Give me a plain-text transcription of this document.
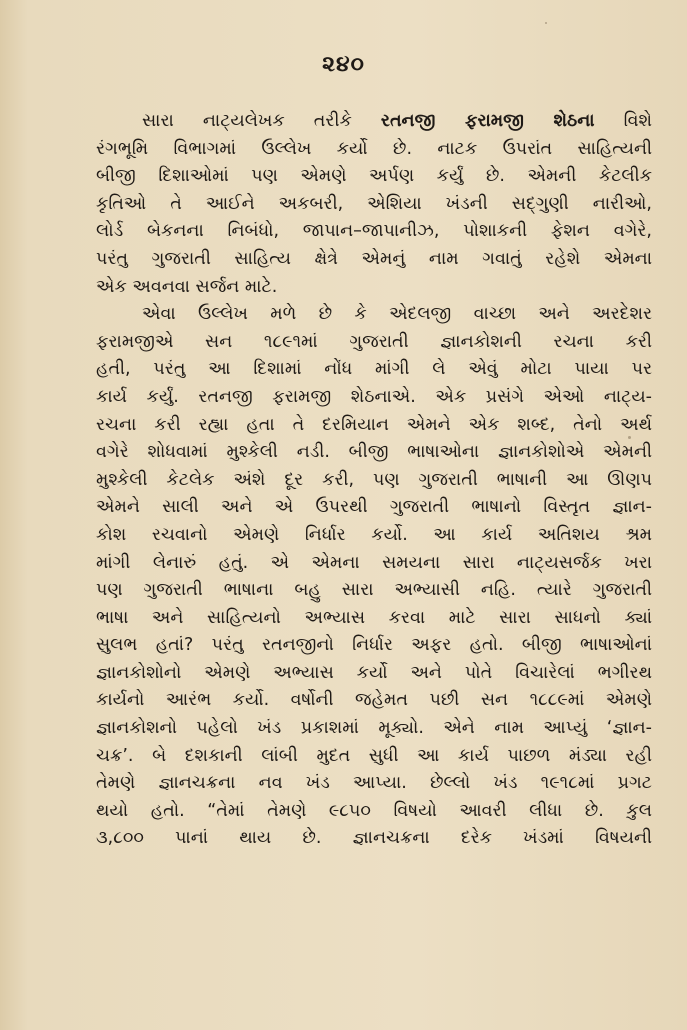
૨૪૦
સારા નાટ્યલેખક તરીકે રતનજી ફરામજી શેઠના વિશે
રંગભૂમિ વિભાગમાં ઉલ્લેખ કર્યો છે. નાટક ઉપરાંત સાહિત્યની
બીજી દિશાઓમાં પણ એમણે અર્પણ કર્યું છે. એમની કેટલીક
કૃતિઓ તે આઈને અકબરી, એશિયા ખંડની સદ્ગુણી નારીઓ,
લોર્ડ બેકનના નિબંધો, જાપાન–જાપાનીઝ, પોશાકની ફેશન વગેરે,
પરંતુ ગુજરાતી સાહિત્ય ક્ષેત્રે એમનું નામ ગવાતું રહેશે એમના
એક અવનવા સર્જન માટે.
એવા ઉલ્લેખ મળે છે કે એદલજી વાચ્છા અને અરદેશર
ફરામજીએ સન ૧૮૯૧માં ગુજરાતી જ્ઞાનકોશની રચના કરી
હતી, પરંતુ આ દિશામાં નોંધ માંગી લે એવું મોટા પાયા પર
કાર્ય કર્યું. રતનજી ફરામજી શેઠનાએ. એક પ્રસંગે એઓ નાટ્ય-
રચના કરી રહ્યા હતા તે દરમિયાન એમને એક શબ્દ, તેનો અર્થ
વગેરે શોધવામાં મુશ્કેલી નડી. બીજી ભાષાઓના જ્ઞાનકોશોએ એમની
મુશ્કેલી કેટલેક અંશે દૂર કરી, પણ ગુજરાતી ભાષાની આ ઊણપ
એમને સાલી અને એ ઉપરથી ગુજરાતી ભાષાનો વિસ્તૃત જ્ઞાન-
કોશ રચવાનો એમણે નિર્ધાર કર્યો. આ કાર્ય અતિશય શ્રમ
માંગી લેનારું હતું. એ એમના સમયના સારા નાટ્યસર્જક ખરા
પણ ગુજરાતી ભાષાના બહુ સારા અભ્યાસી નહિ. ત્યારે ગુજરાતી
ભાષા અને સાહિત્યનો અભ્યાસ કરવા માટે સારા સાધનો ક્યાં
સુલભ હતાં? પરંતુ રતનજીનો નિર્ધાર અફર હતો. બીજી ભાષાઓનાં
જ્ઞાનકોશોનો એમણે અભ્યાસ કર્યો અને પોતે વિચારેલાં ભગીરથ
કાર્યનો આરંભ કર્યો. વર્ષોની જહેમત પછી સન ૧૮૮૯માં એમણે
જ્ઞાનકોશનો પહેલો ખંડ પ્રકાશમાં મૂક્યો. એને નામ આપ્યું ‘જ્ઞાન-
ચક્ર’. બે દશકાની લાંબી મુદત સુધી આ કાર્ય પાછળ મંડ્યા રહી
તેમણે જ્ઞાનચક્રના નવ ખંડ આપ્યા. છેલ્લો ખંડ ૧૯૧૮માં પ્રગટ
થયો હતો. “તેમાં તેમણે ૯૮૫૦ વિષયો આવરી લીધા છે. કુલ
૩,૮૦૦ પાનાં થાય છે. જ્ઞાનચક્રના દરેક ખંડમાં વિષયની
